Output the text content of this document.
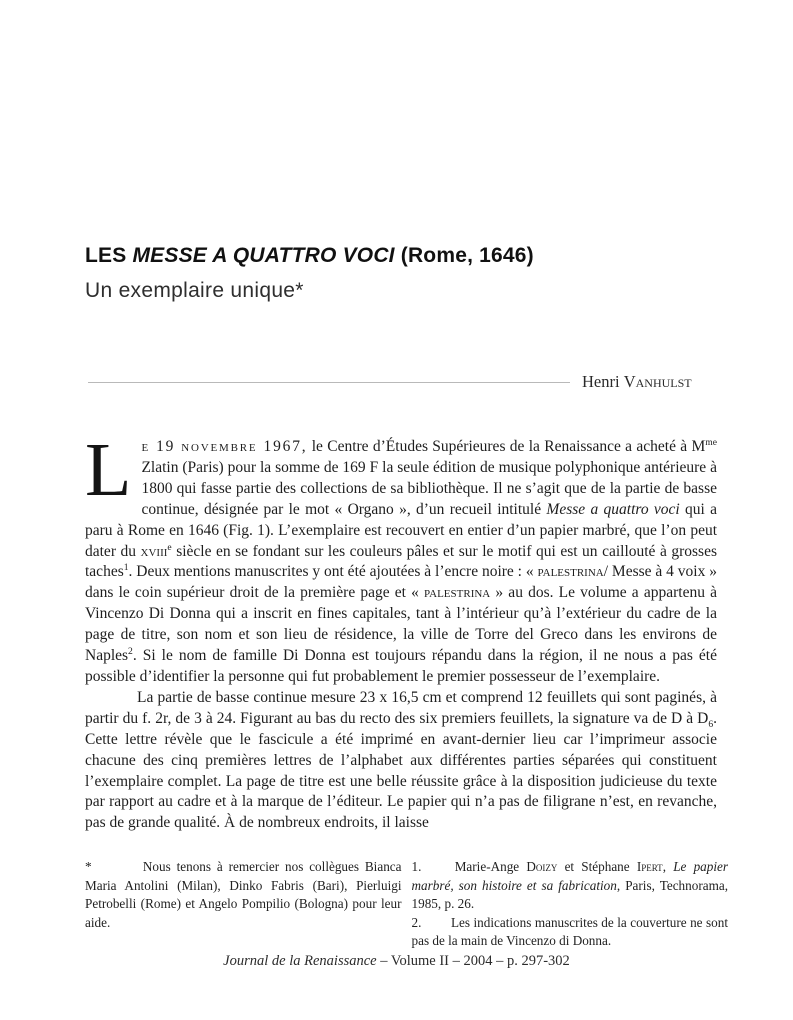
LES MESSE A QUATTRO VOCI (Rome, 1646)
Un exemplaire unique*
Henri Vanhulst

L e 19 novembre 1967, le Centre d’Études Supérieures de la Renaissance a acheté à $M^{me}$ Zlatin (Paris) pour la somme de 169 F la seule édition de musique polyphonique antérieure à 1800 qui fasse partie des collections de sa bibliothèque. Il ne s’agit que de la partie de basse continue, désignée par le mot « Organo », d’un recueil intitulé Messe a quattro voci qui a paru à Rome en 1646 (Fig. 1). L’exemplaire est recouvert en entier d’un papier marbré, que l’on peut dater du xviii$^e$ siècle en se fondant sur les couleurs pâles et sur le motif qui est un caillouté à grosses taches$^1$. Deux mentions manuscrites y ont été ajoutées à l’encre noire : « palestrina/ Messe à 4 voix » dans le coin supérieur droit de la première page et « palestrina » au dos. Le volume a appartenu à Vincenzo Di Donna qui a inscrit en fines capitales, tant à l’intérieur qu’à l’extérieur du cadre de la page de titre, son nom et son lieu de résidence, la ville de Torre del Greco dans les environs de Naples$^2$. Si le nom de famille Di Donna est toujours répandu dans la région, il ne nous a pas été possible d’identifier la personne qui fut probablement le premier possesseur de l’exemplaire.

La partie de basse continue mesure 23 x 16,5 cm et comprend 12 feuillets qui sont paginés, à partir du f. 2r, de 3 à 24. Figurant au bas du recto des six premiers feuillets, la signature va de D à $D_6$. Cette lettre révèle que le fascicule a été imprimé en avant-dernier lieu car l’imprimeur associe chacune des cinq premières lettres de l’alphabet aux différentes parties séparées qui constituent l’exemplaire complet. La page de titre est une belle réussite grâce à la disposition judicieuse du texte par rapport au cadre et à la marque de l’éditeur. Le papier qui n’a pas de filigrane n’est, en revanche, pas de grande qualité. À de nombreux endroits, il laisse

*	Nous tenons à remercier nos collègues Bianca Maria Antolini (Milan), Dinko Fabris (Bari), Pierluigi Petrobelli (Rome) et Angelo Pompilio (Bologna) pour leur aide.

1.	Marie-Ange Doizy et Stéphane Ipert, Le papier marbré, son histoire et sa fabrication, Paris, Technorama, 1985, p. 26.

2. Les indications manuscrites de la couverture ne sont pas de la main de Vincenzo di Donna.

Journal de la Renaissance – Volume II – 2004 – p. 297-302
